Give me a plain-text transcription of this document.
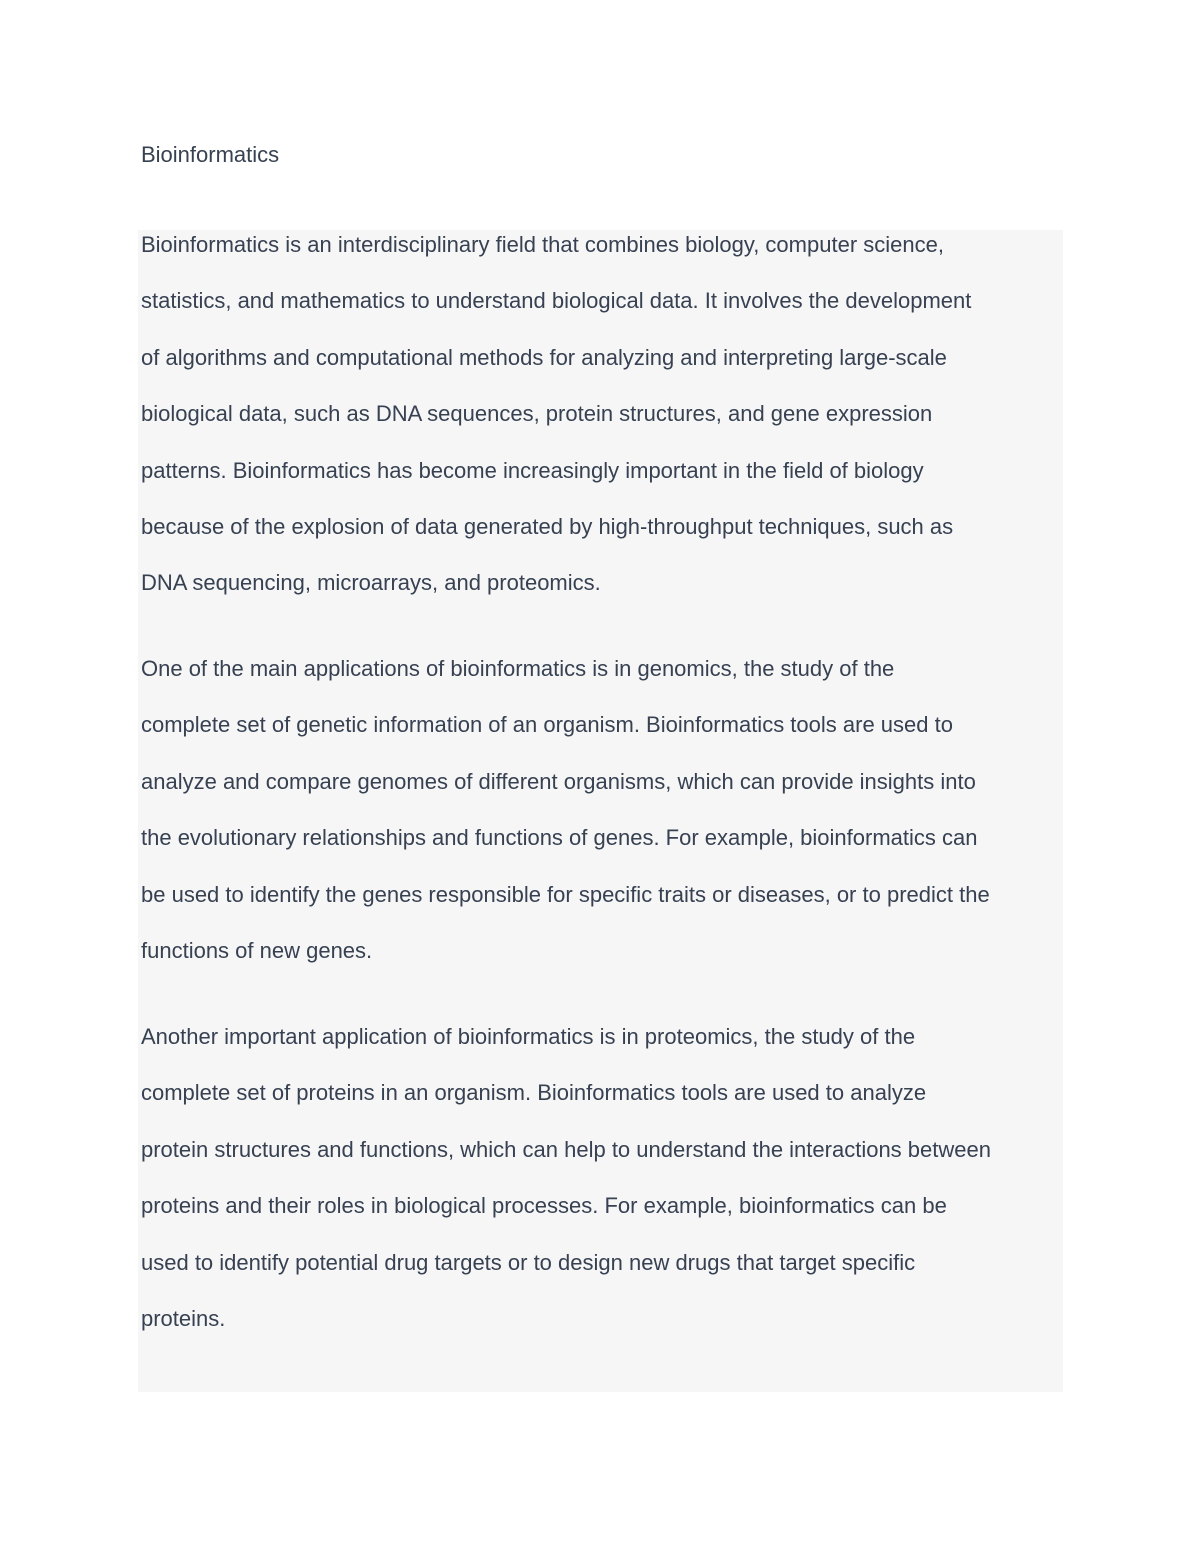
Bioinformatics

Bioinformatics is an interdisciplinary field that combines biology, computer science,
statistics, and mathematics to understand biological data. It involves the development
of algorithms and computational methods for analyzing and interpreting large-scale
biological data, such as DNA sequences, protein structures, and gene expression
patterns. Bioinformatics has become increasingly important in the field of biology
because of the explosion of data generated by high-throughput techniques, such as
DNA sequencing, microarrays, and proteomics.

One of the main applications of bioinformatics is in genomics, the study of the
complete set of genetic information of an organism. Bioinformatics tools are used to
analyze and compare genomes of different organisms, which can provide insights into
the evolutionary relationships and functions of genes. For example, bioinformatics can
be used to identify the genes responsible for specific traits or diseases, or to predict the
functions of new genes.

Another important application of bioinformatics is in proteomics, the study of the
complete set of proteins in an organism. Bioinformatics tools are used to analyze
protein structures and functions, which can help to understand the interactions between
proteins and their roles in biological processes. For example, bioinformatics can be
used to identify potential drug targets or to design new drugs that target specific
proteins.
